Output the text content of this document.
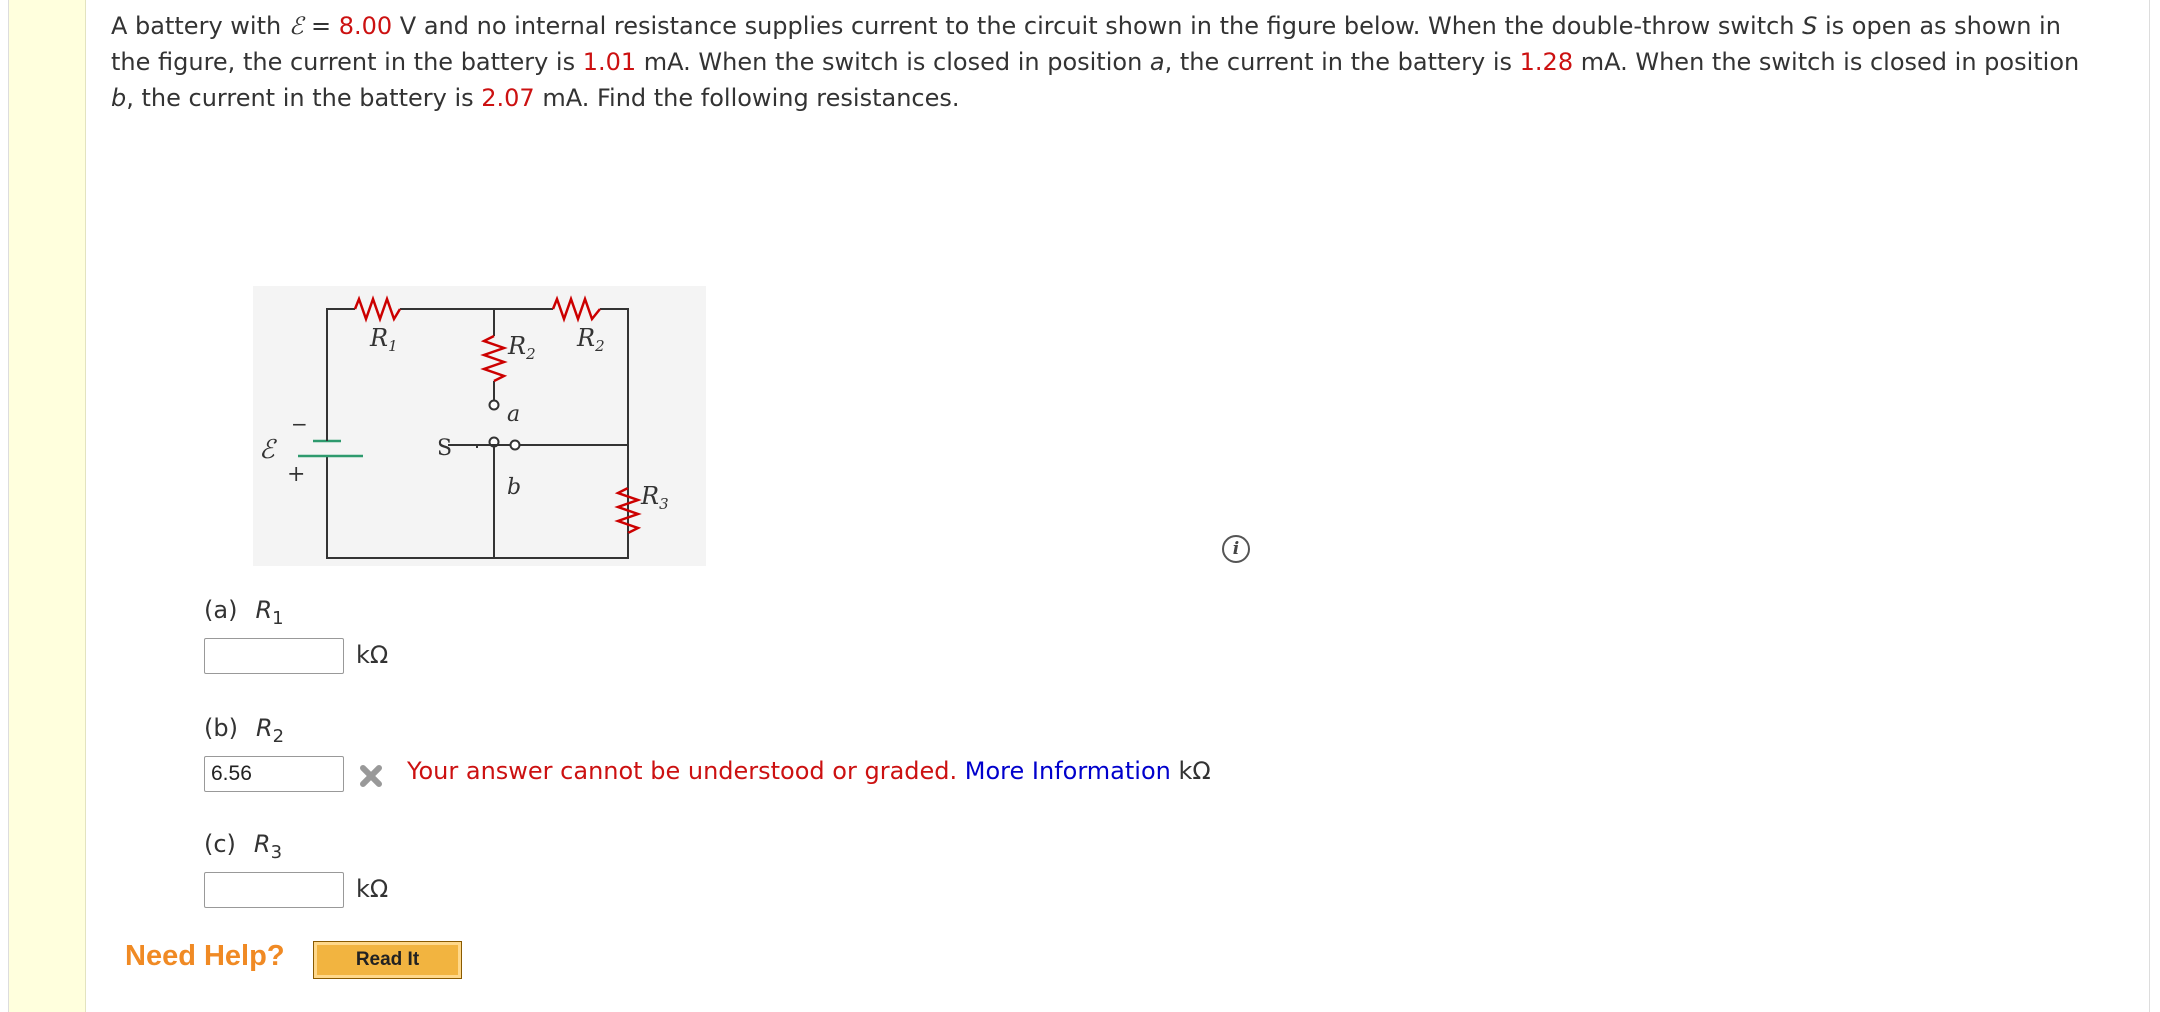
A battery with ℰ = 8.00 V and no internal resistance supplies current to the circuit shown in the figure below. When the double-throw switch S is open as shown in the figure, the current in the battery is 1.01 mA. When the switch is closed in position a, the current in the battery is 1.28 mA. When the switch is closed in position b, the current in the battery is 2.07 mA. Find the following resistances.
$R_1$	$R_2$
$R_2$
$R_3$
a
b
ℰ	S
−
+
i
(a) $R_1$
kΩ
(b) $R_2$
6.56
Your answer cannot be understood or graded. More Information kΩ
(c) $R_3$
kΩ
Need Help?	Read It
